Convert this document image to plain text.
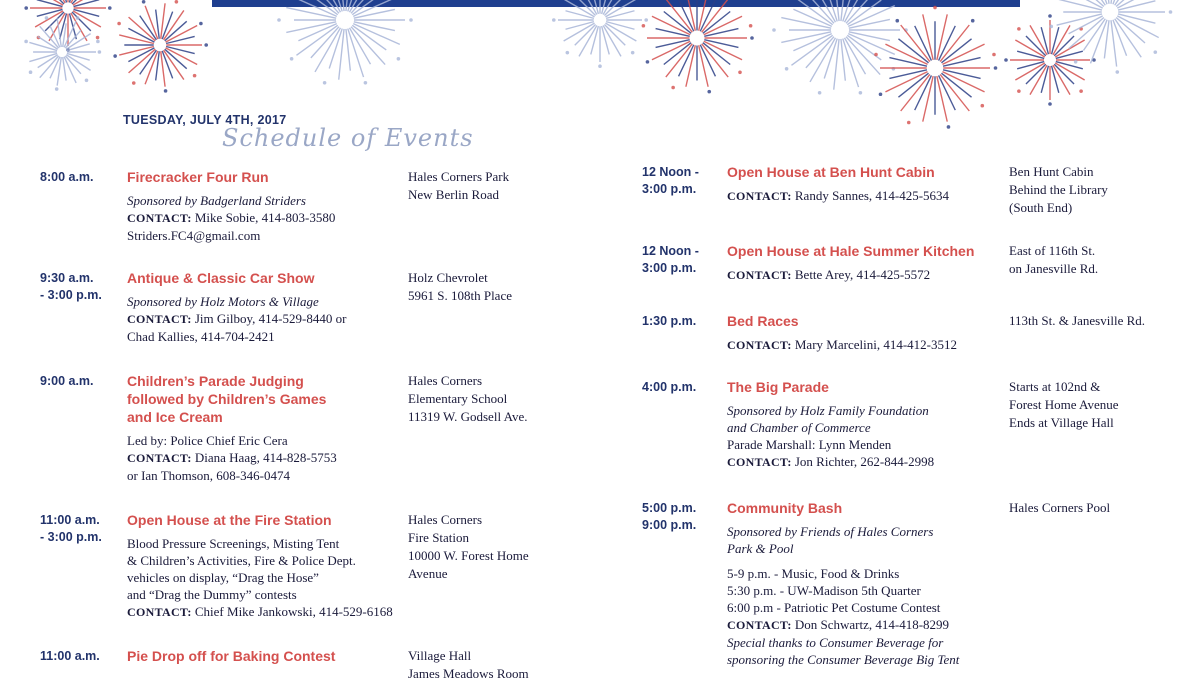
TUESDAY, JULY 4TH, 2017
Schedule of Events
8:00 a.m. Firecracker Four Run
Sponsored by Badgerland Striders
CONTACT: Mike Sobie, 414-803-3580
Striders.FC4@gmail.com
Hales Corners Park
New Berlin Road
9:30 a.m.
- 3:00 p.m.
Antique & Classic Car Show
Sponsored by Holz Motors & Village
CONTACT: Jim Gilboy, 414-529-8440 or
Chad Kallies, 414-704-2421
Holz Chevrolet
5961 S. 108th Place
9:00 a.m. Children’s Parade Judging
followed by Children’s Games
and Ice Cream
Led by: Police Chief Eric Cera
CONTACT: Diana Haag, 414-828-5753
or Ian Thomson, 608-346-0474
Hales Corners
Elementary School
11319 W. Godsell Ave.
11:00 a.m.
- 3:00 p.m.
Open House at the Fire Station
Blood Pressure Screenings, Misting Tent
& Children’s Activities, Fire & Police Dept.
vehicles on display, “Drag the Hose”
and “Drag the Dummy” contests
CONTACT: Chief Mike Jankowski, 414-529-6168
Hales Corners
Fire Station
10000 W. Forest Home
Avenue
11:00 a.m. Pie Drop off for Baking Contest	Village Hall
James Meadows Room
12 Noon -
3:00 p.m.
Open House at Ben Hunt Cabin
CONTACT: Randy Sannes, 414-425-5634
Ben Hunt Cabin
Behind the Library
(South End)
12 Noon -
3:00 p.m.
Open House at Hale Summer Kitchen
CONTACT: Bette Arey, 414-425-5572
East of 116th St.
on Janesville Rd.
1:30 p.m. Bed Races
CONTACT: Mary Marcelini, 414-412-3512
113th St. & Janesville Rd.
4:00 p.m. The Big Parade
Sponsored by Holz Family Foundation
and Chamber of Commerce
Parade Marshall: Lynn Menden
CONTACT: Jon Richter, 262-844-2998
Starts at 102nd &
Forest Home Avenue
Ends at Village Hall
5:00 p.m.
9:00 p.m.
Community Bash
Sponsored by Friends of Hales Corners
Park & Pool
5-9 p.m. - Music, Food & Drinks
5:30 p.m. - UW-Madison 5th Quarter
6:00 p.m - Patriotic Pet Costume Contest
CONTACT: Don Schwartz, 414-418-8299
Special thanks to Consumer Beverage for
sponsoring the Consumer Beverage Big Tent
Hales Corners Pool
